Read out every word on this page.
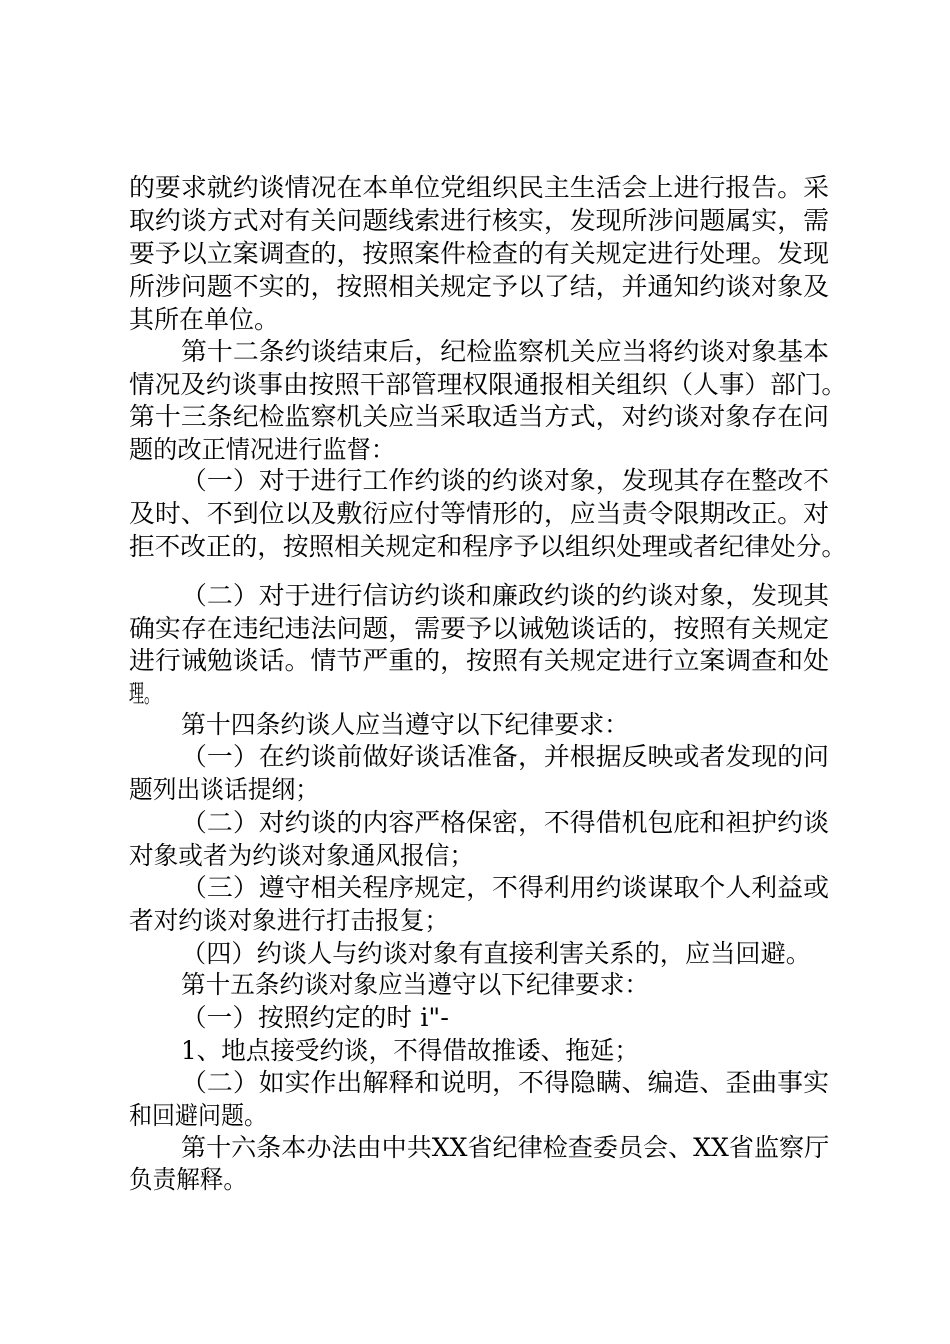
的要求就约谈情况在本单位党组织民主生活会上进行报告。采
取约谈方式对有关问题线索进行核实，发现所涉问题属实，需
要予以立案调查的，按照案件检查的有关规定进行处理。发现
所涉问题不实的，按照相关规定予以了结，并通知约谈对象及
其所在单位。
第十二条约谈结束后，纪检监察机关应当将约谈对象基本
情况及约谈事由按照干部管理权限通报相关组织（人事）部门。
第十三条纪检监察机关应当采取适当方式，对约谈对象存在问
题的改正情况进行监督：
（一）对于进行工作约谈的约谈对象，发现其存在整改不
及时、不到位以及敷衍应付等情形的，应当责令限期改正。对
拒不改正的，按照相关规定和程序予以组织处理或者纪律处分。
（二）对于进行信访约谈和廉政约谈的约谈对象，发现其
确实存在违纪违法问题，需要予以诫勉谈话的，按照有关规定
进行诫勉谈话。情节严重的，按照有关规定进行立案调查和处
理。
第十四条约谈人应当遵守以下纪律要求：
（一）在约谈前做好谈话准备，并根据反映或者发现的问
题列出谈话提纲；
（二）对约谈的内容严格保密，不得借机包庇和袒护约谈
对象或者为约谈对象通风报信；
（三）遵守相关程序规定，不得利用约谈谋取个人利益或
者对约谈对象进行打击报复；
（四）约谈人与约谈对象有直接利害关系的，应当回避。
第十五条约谈对象应当遵守以下纪律要求：
（一）按照约定的时 i"-
1、地点接受约谈，不得借故推诿、拖延；
（二）如实作出解释和说明，不得隐瞒、编造、歪曲事实
和回避问题。
第十六条本办法由中共XX省纪律检查委员会、XX省监察厅
负责解释。
